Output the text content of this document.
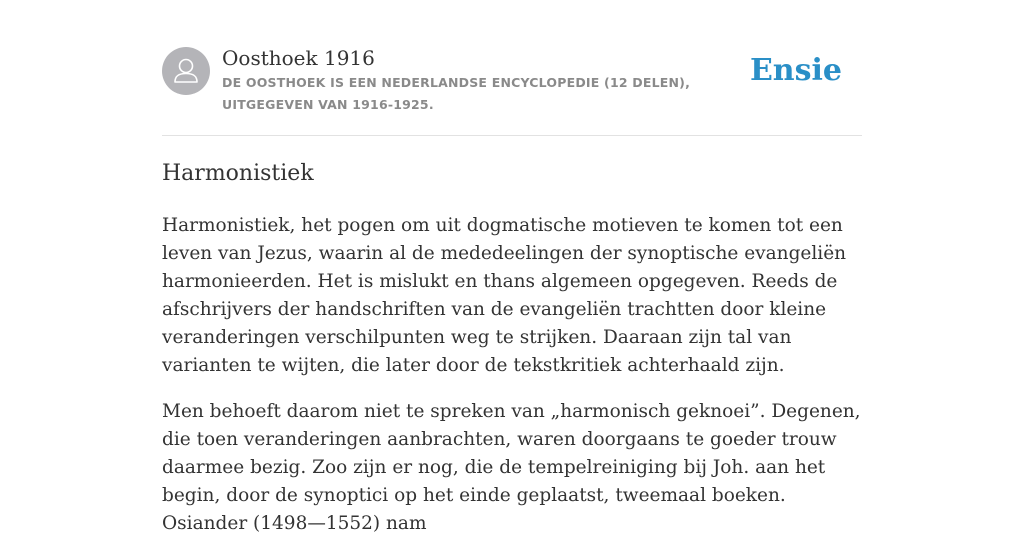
Oosthoek 1916
DE OOSTHOEK IS EEN NEDERLANDSE ENCYCLOPEDIE (12 DELEN), UITGEGEVEN VAN 1916-1925.
Ensie
Harmonistiek

Harmonistiek, het pogen om uit dogmatische motieven te komen tot een leven van Jezus, waarin al de mededeelingen der synoptische evangeliën harmonieerden. Het is mislukt en thans algemeen opgegeven. Reeds de afschrijvers der handschriften van de evangeliën trachtten door kleine veranderingen verschilpunten weg te strijken. Daaraan zijn tal van varianten te wijten, die later door de tekstkritiek achterhaald zijn.

Men behoeft daarom niet te spreken van „harmonisch geknoei”. Degenen, die toen veranderingen aanbrachten, waren doorgaans te goeder trouw daarmee bezig. Zoo zijn er nog, die de tempelreiniging bij Joh. aan het begin, door de synoptici op het einde geplaatst, tweemaal boeken. Osiander (1498—1552) nam
